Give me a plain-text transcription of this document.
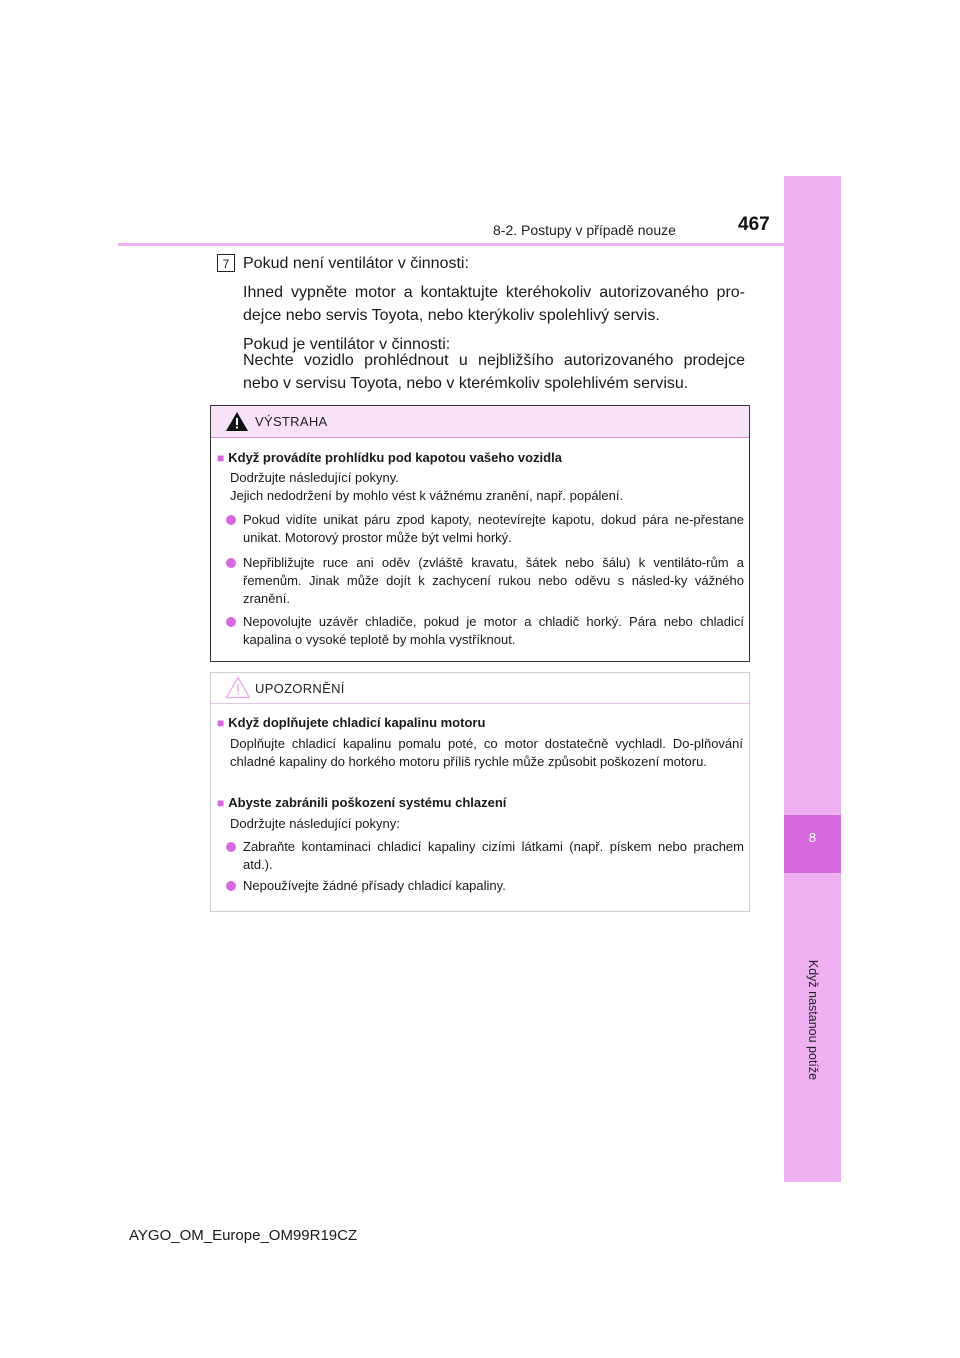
8
Když nastanou potíže
8-2. Postupy v případě nouze	467
7 Pokud není ventilátor v činnosti:
Ihned vypněte motor a kontaktujte kteréhokoliv autorizovaného pro-dejce nebo servis Toyota, nebo kterýkoliv spolehlivý servis.
Pokud je ventilátor v činnosti:
Nechte vozidlo prohlédnout u nejbližšího autorizovaného prodejce nebo v servisu Toyota, nebo v kterémkoliv spolehlivém servisu.
VÝSTRAHA
■ Když provádíte prohlídku pod kapotou vašeho vozidla
Dodržujte následující pokyny.
Jejich nedodržení by mohlo vést k vážnému zranění, např. popálení.
Pokud vidíte unikat páru zpod kapoty, neotevírejte kapotu, dokud pára ne-přestane unikat. Motorový prostor může být velmi horký.
Nepřibližujte ruce ani oděv (zvláště kravatu, šátek nebo šálu) k ventiláto-rům a řemenům. Jinak může dojít k zachycení rukou nebo oděvu s násled-ky vážného zranění.
Nepovolujte uzávěr chladiče, pokud je motor a chladič horký. Pára nebo chladicí kapalina o vysoké teplotě by mohla vystříknout.
UPOZORNĚNÍ
■ Když doplňujete chladicí kapalinu motoru
Doplňujte chladicí kapalinu pomalu poté, co motor dostatečně vychladl. Do-plňování chladné kapaliny do horkého motoru příliš rychle může způsobit poškození motoru.
■ Abyste zabránili poškození systému chlazení
Dodržujte následující pokyny:
Zabraňte kontaminaci chladicí kapaliny cizími látkami (např. pískem nebo prachem atd.).
Nepoužívejte žádné přísady chladicí kapaliny.
AYGO_OM_Europe_OM99R19CZ
